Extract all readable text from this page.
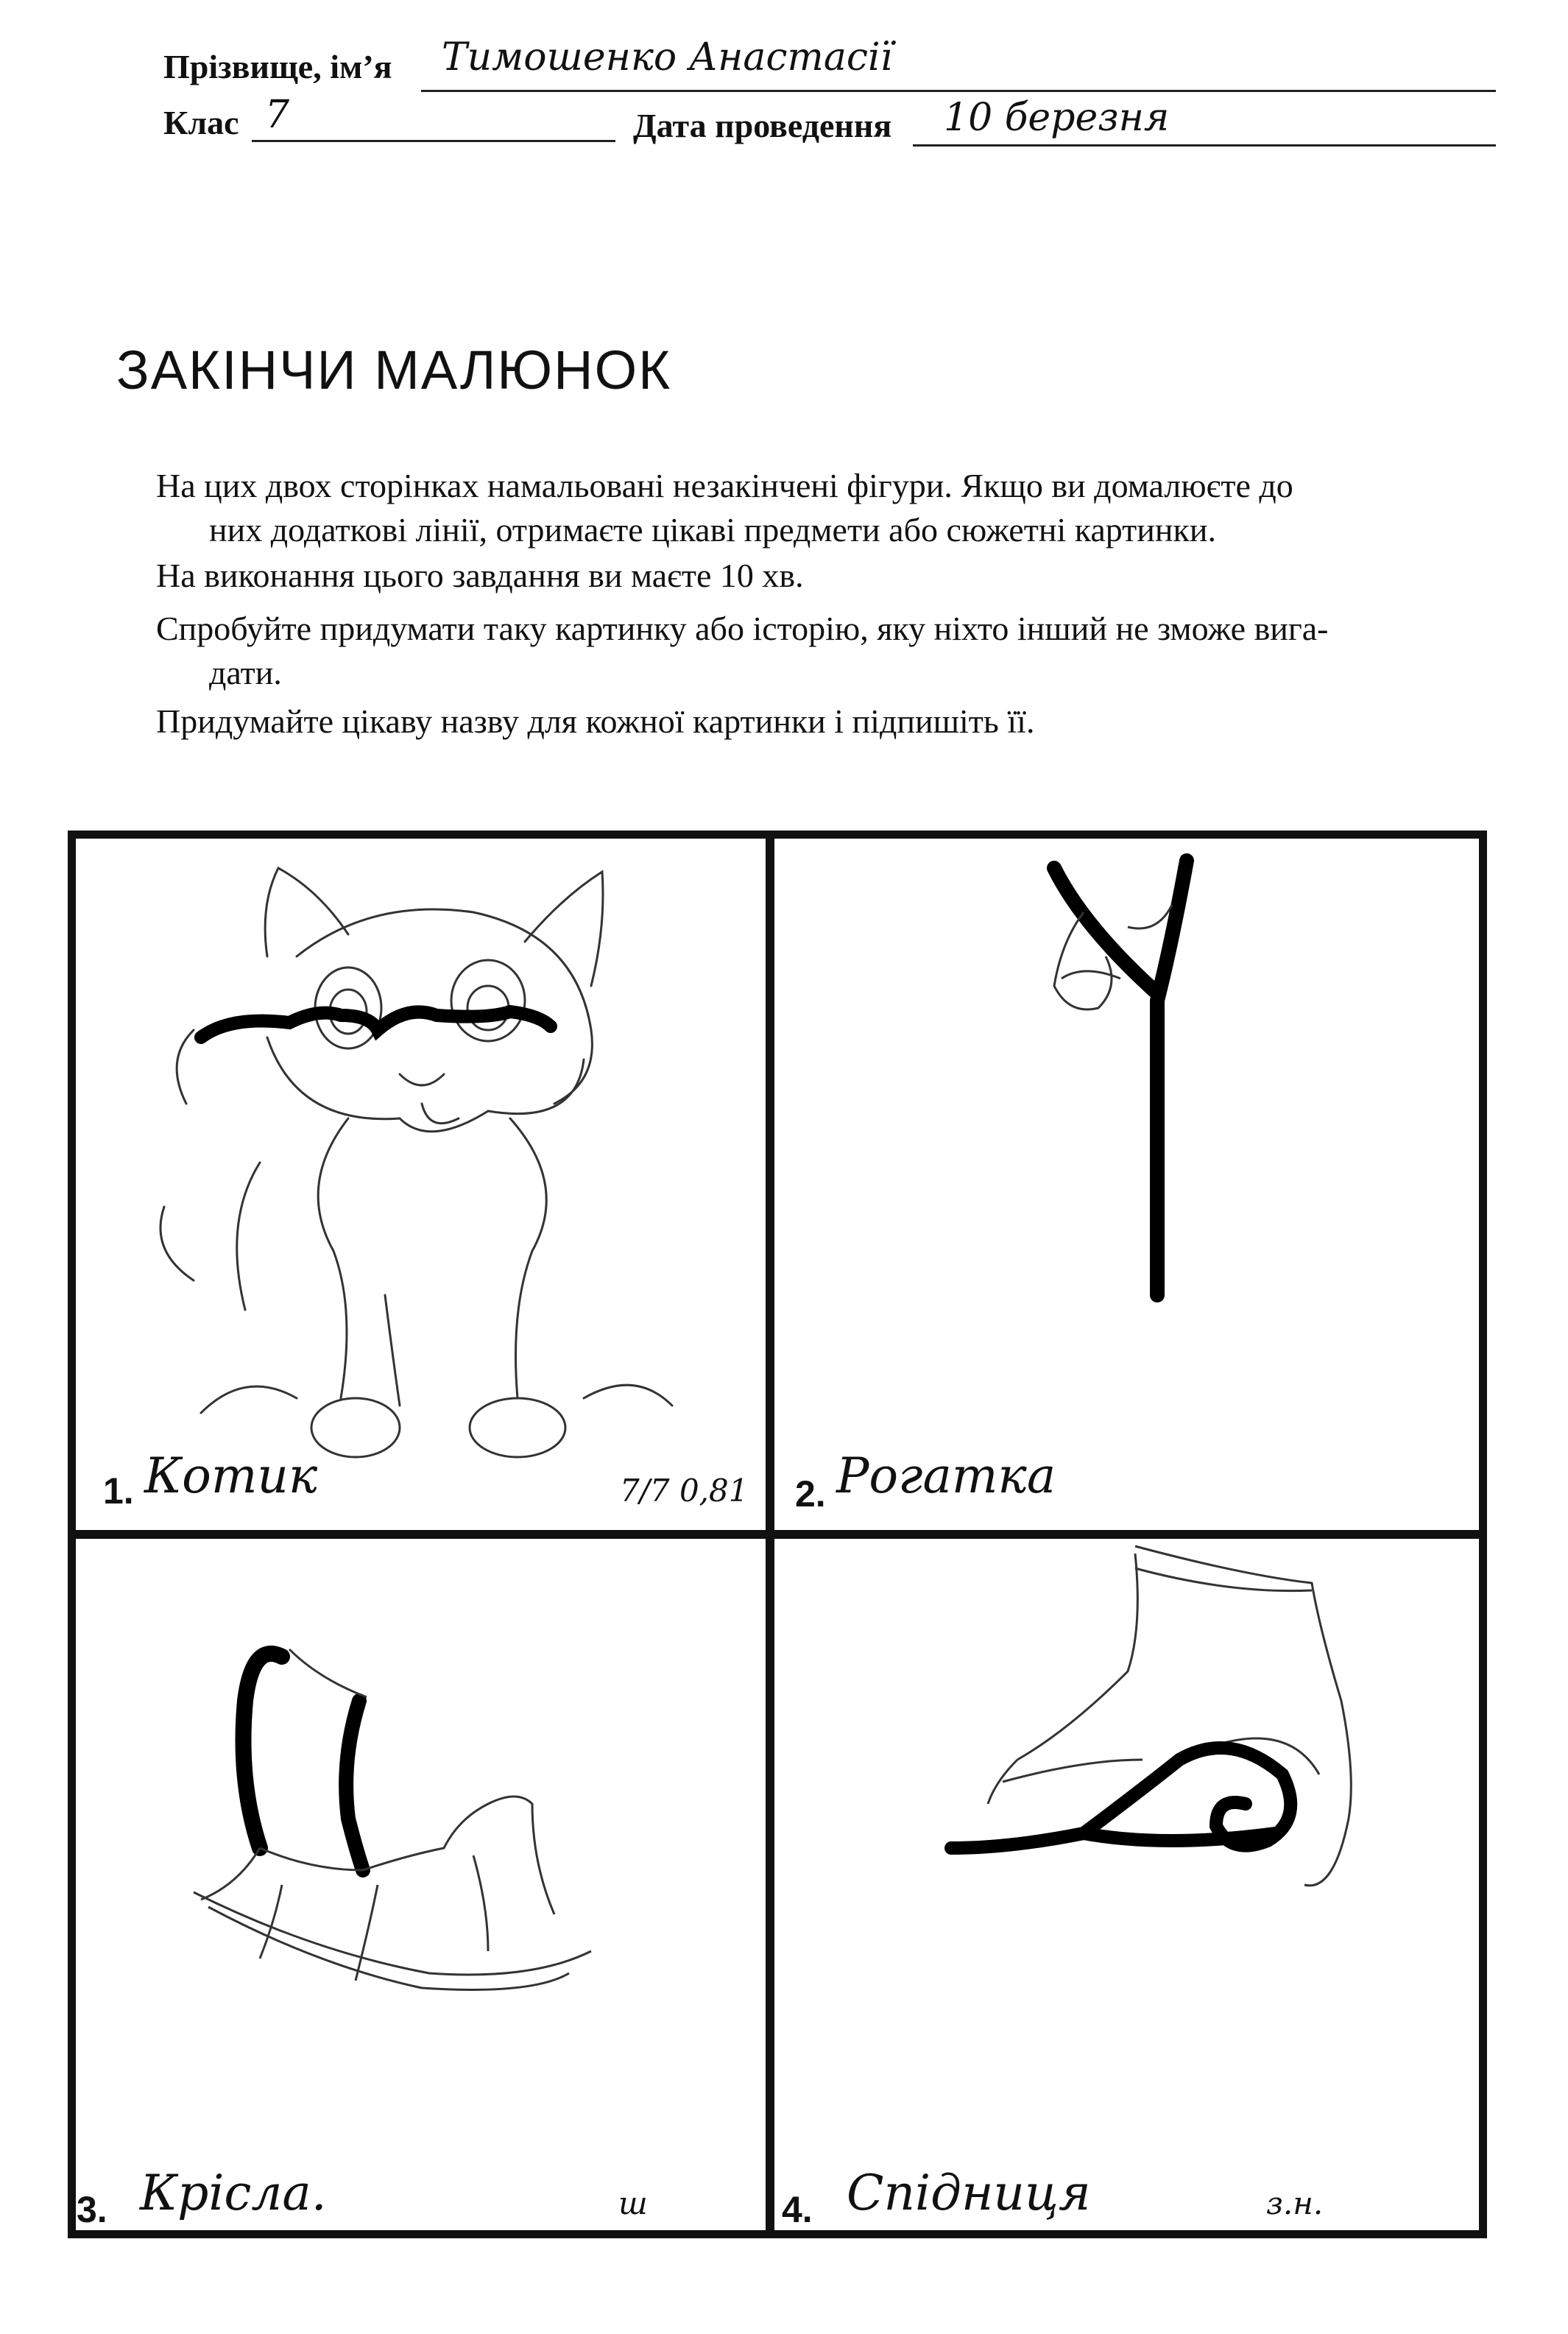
Прізвище, ім’я Тимошенко Анастасії
Клас 7	Дата проведення 10 березня
ЗАКІНЧИ МАЛЮНОК
На цих двох сторінках намальовані незакінчені фігури. Якщо ви домалюєте до
них додаткові лінії, отримаєте цікаві предмети або сюжетні картинки.
На виконання цього завдання ви маєте 10 хв.
Спробуйте придумати таку картинку або історію, яку ніхто інший не зможе вига-
дати.
Придумайте цікаву назву для кожної картинки і підпишіть її.
1. Котик	7/7 0,81 2. Рогатка
3. Крісла.	ш	4. Спідниця	з.н.
